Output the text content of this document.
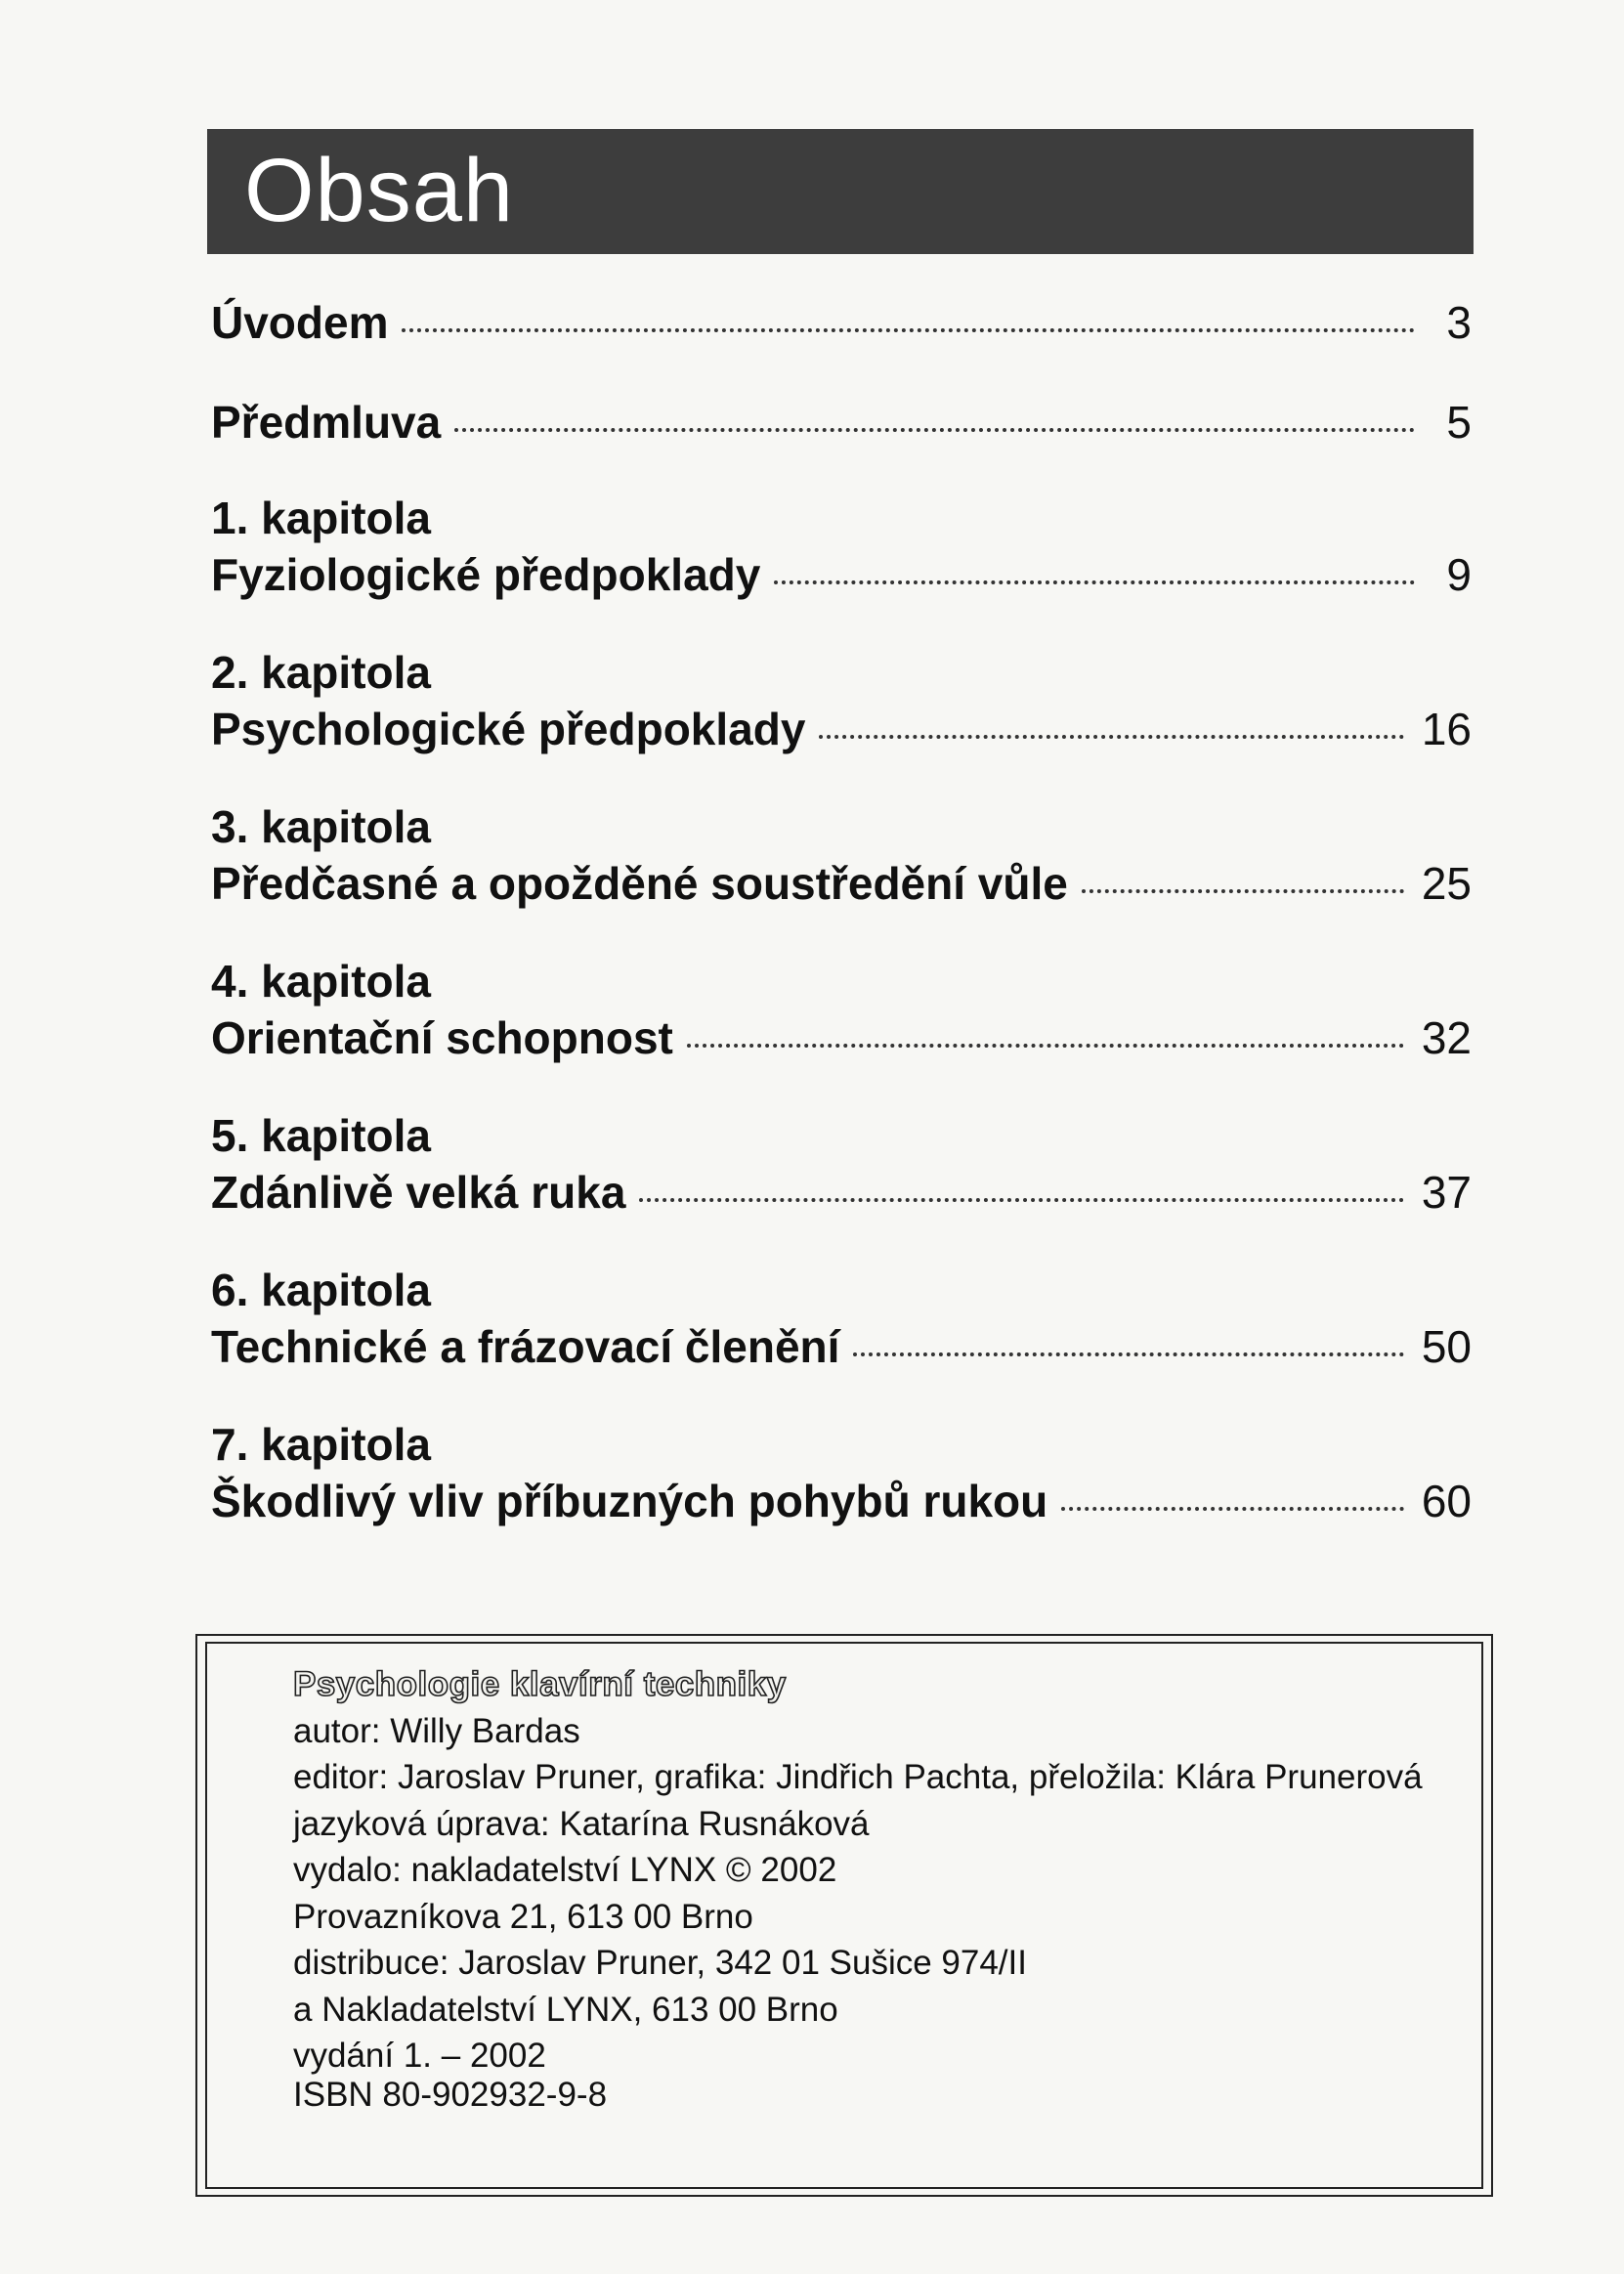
Obsah
Úvodem	3
Předmluva	5
1. kapitola
Fyziologické předpoklady	9
2. kapitola
Psychologické předpoklady	16
3. kapitola
Předčasné a opožděné soustředění vůle	25
4. kapitola
Orientační schopnost	32
5. kapitola
Zdánlivě velká ruka	37
6. kapitola
Technické a frázovací členění	50
7. kapitola
Škodlivý vliv příbuzných pohybů rukou	60
Psychologie klavírní techniky
autor: Willy Bardas
editor: Jaroslav Pruner, grafika: Jindřich Pachta, přeložila: Klára Prunerová
jazyková úprava: Katarína Rusnáková
vydalo: nakladatelství LYNX © 2002
Provazníkova 21, 613 00 Brno
distribuce: Jaroslav Pruner, 342 01 Sušice 974/II
a Nakladatelství LYNX, 613 00 Brno
vydání 1. – 2002
ISBN 80-902932-9-8
